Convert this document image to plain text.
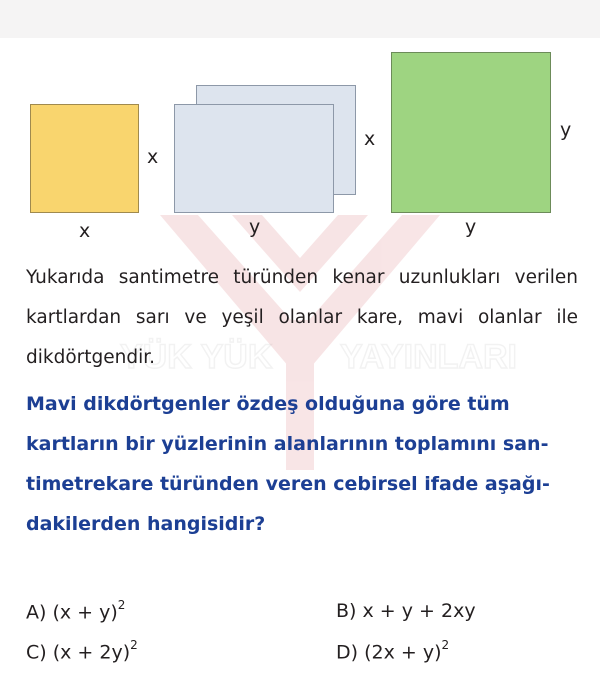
YÜK YÜK YAYINLARI
x
x
x
y
y
y
Yukarıda santimetre türünden kenar uzunlukları verilen kartlardan sarı ve yeşil olanlar kare, mavi olanlar ile dikdörtgendir.
Mavi dikdörtgenler özdeş olduğuna göre tüm
kartların bir yüzlerinin alanlarının toplamını san-
timetrekare türünden veren cebirsel ifade aşağı-
dakilerden hangisidir?
A) $(x + y)^2$	B) x + y + 2xy
C) $(x + 2y)^2$	D) $(2x + y)^2$
